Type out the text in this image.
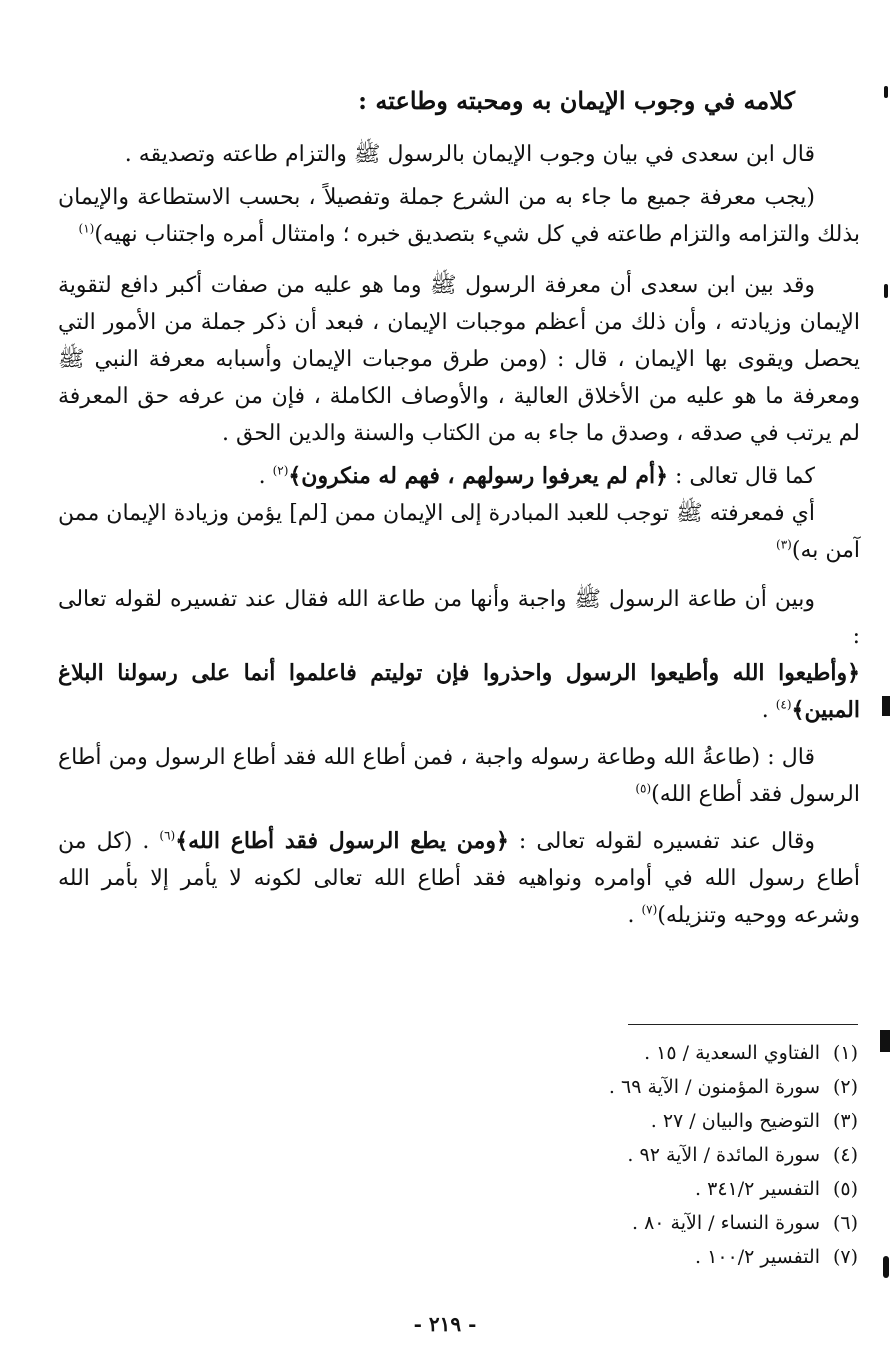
كلامه في وجوب الإيمان به ومحبته وطاعته :
قال ابن سعدى في بيان وجوب الإيمان بالرسول ﷺ والتزام طاعته وتصديقه .
(يجب معرفة جميع ما جاء به من الشرع جملة وتفصيلاً ، بحسب الاستطاعة والإيمان بذلك والتزامه والتزام طاعته في كل شيء بتصديق خبره ؛ وامتثال أمره واجتناب نهيه)$^{(١)}$
وقد بين ابن سعدى أن معرفة الرسول ﷺ وما هو عليه من صفات أكبر دافع لتقوية الإيمان وزيادته ، وأن ذلك من أعظم موجبات الإيمان ، فبعد أن ذكر جملة من الأمور التي يحصل ويقوى بها الإيمان ، قال : (ومن طرق موجبات الإيمان وأسبابه معرفة النبي ﷺ ومعرفة ما هو عليه من الأخلاق العالية ، والأوصاف الكاملة ، فإن من عرفه حق المعرفة لم يرتب في صدقه ، وصدق ما جاء به من الكتاب والسنة والدين الحق .
كما قال تعالى : ﴿أم لم يعرفوا رسولهم ، فهم له منكرون﴾$^{(٢)}$ .
أي فمعرفته ﷺ توجب للعبد المبادرة إلى الإيمان ممن [لم] يؤمن وزيادة الإيمان ممن آمن به)$^{(٣)}$
وبين أن طاعة الرسول ﷺ واجبة وأنها من طاعة الله فقال عند تفسيره لقوله تعالى :
﴿وأطيعوا الله وأطيعوا الرسول واحذروا فإن توليتم فاعلموا أنما على رسولنا البلاغ المبين﴾$^{(٤)}$ .
قال : (طاعةُ الله وطاعة رسوله واجبة ، فمن أطاع الله فقد أطاع الرسول ومن أطاع الرسول فقد أطاع الله)$^{(٥)}$
وقال عند تفسيره لقوله تعالى : ﴿ومن يطع الرسول فقد أطاع الله﴾$^{(٦)}$ . (كل من أطاع رسول الله في أوامره ونواهيه فقد أطاع الله تعالى لكونه لا يأمر إلا بأمر الله وشرعه ووحيه وتنزيله)$^{(٧)}$ .
(١)الفتاوي السعدية / ١٥ .
(٢)سورة المؤمنون / الآية ٦٩ .
(٣)التوضيح والبيان / ٢٧ .
(٤)سورة المائدة / الآية ٩٢ .
(٥)التفسير ٣٤١/٢ .
(٦)سورة النساء / الآية ٨٠ .
(٧)التفسير ١٠٠/٢ .
- ٢١٩ -
